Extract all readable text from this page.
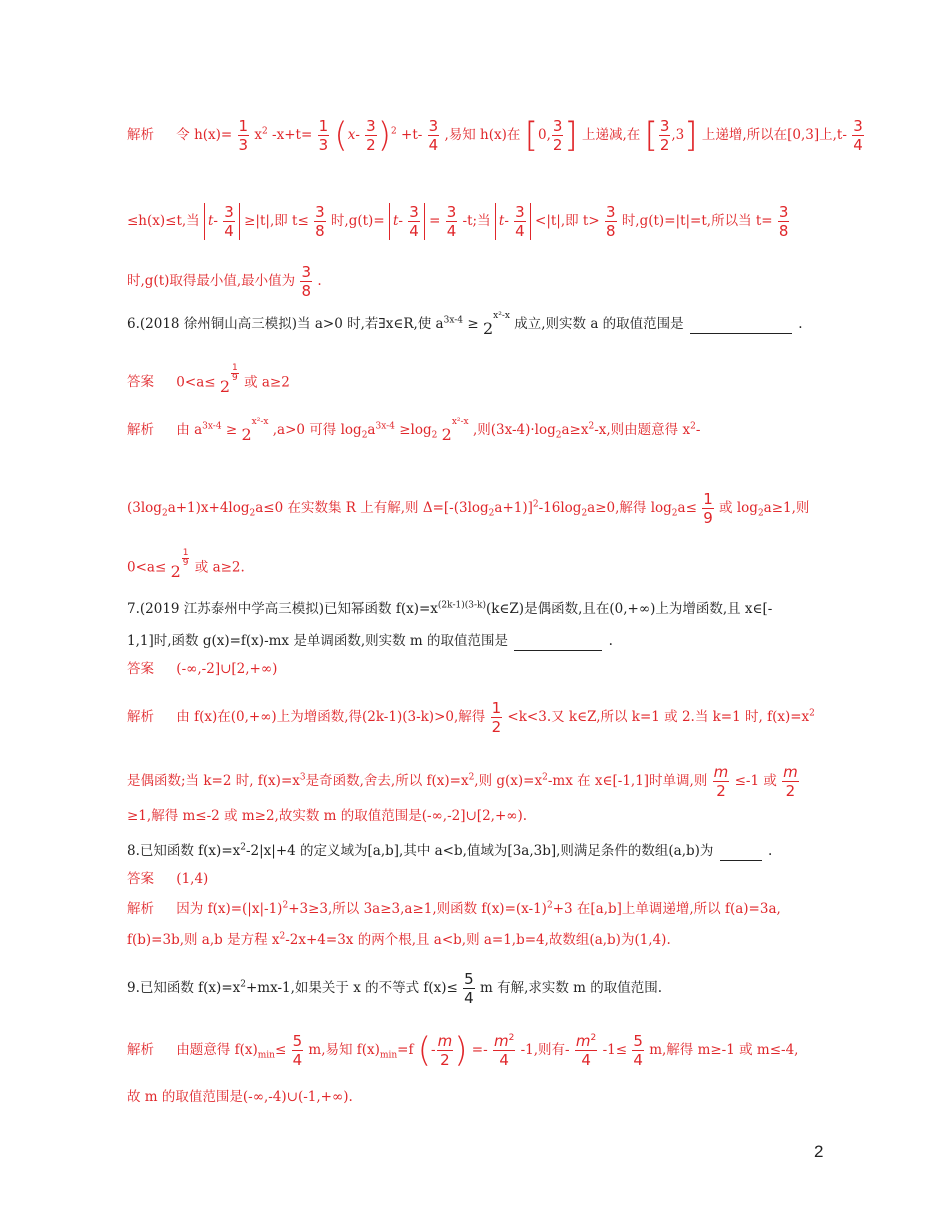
解析 令 $h(x)= \frac{1}{3} x^2$ $-x+t= \frac{1}{3} (x- \frac{3}{2} )^2 +t- \frac{3}{4}$ ,易知 h(x)在 [0, $\frac{3}{2}$ ] 上递减,在 [ $\frac{3}{2} ,3$] 上递增,所以在[0,3]上$,t- \frac{3}{4}$
≤h(x)≤t,当 $t- \frac{3}{4} \ge|t|$,即 $t\le \frac{3}{8}$ 时$,g(t)= t- \frac{3}{4} = \frac{3}{4} -t$;当 $t- \frac{3}{4} <|t|$,即 $t> \frac{3}{8}$ 时,g(t)=|t|=t,所以当 $t= \frac{3}{8}$
时,g(t)取得最小值,最小值为 $\frac{3}{8}$ .
6.(2018 徐州铜山高三模拟)当 a>0 时,若∃x∈R,使 $a^{3x-4} \ge 2^{x^2-x}$ 成立,则实数 a 的取值范围是	.
答案 0<a≤ 2
$^{\frac{1}{9}}$ 或 a≥2
解析 由 $a^{3x-4} \ge 2^{x^2-x}$ ,a>0 可得 $\log_2a^{3x-4} \ge\log_2$ $2^{x^2-x}$ ,则$(3x-4)\cdot\log_2a\ge x^2-x$,则由题意得 $x^2-$
$(3\log_2a+1)x+4\log_2a\le 0$ 在实数集 R 上有解,则 $\Delta=[-(3\log_2a+1)]^2-16\log_2a\ge 0$,解得 $\log_2a\le \frac{1}{9}$ 或 $\log_2a\ge 1$,则
0<a≤ 2
$^{\frac{1}{9}}$ 或 a≥2.
7.(2019 江苏泰州中学高三模拟)已知幂函数 $f(x)=x^{(2k-1)(3-k)}(k\in Z)$是偶函数,且在(0,+∞)上为增函数,且 x∈[-
1,1]时,函数 g(x)=f(x)-mx 是单调函数,则实数 m 的取值范围是	.
答案 (-∞,-2]∪[2,+∞)
解析 由 f(x)在(0,+∞)上为增函数,得(2k-1)(3-k)>0,解得 $\frac{1}{2} <k<3$.又 k∈Z,所以 k=1 或 2.当 k=1 时, $f(x)=x^2$
是偶函数;当 k=2 时, $f(x)=x^3$是奇函数,舍去,所以 $f(x)=x^2$,则 $g(x)=x^2-mx$ 在 x∈[-1,1]时单调,则 $\frac{m}{2} \le-1$ 或 $\frac{m}{2}$
≥1,解得 m≤-2 或 m≥2,故实数 m 的取值范围是(-∞,-2]∪[2,+∞).
8.已知函数 $f(x)=x^2-2|x|+4$ 的定义域为[a,b],其中 a<b,值域为[3a,3b],则满足条件的数组(a,b)为	.
答案 (1,4)
解析 因为 $f(x)=(|x|-1)^2+3\ge 3$,所以 3a≥3,a≥1,则函数 $f(x)=(x-1)^2+3$ 在[a,b]上单调递增,所以 f(a)=3a,
f(b)=3b,则 a,b 是方程 $x^2-2x+4=3x$ 的两个根,且 a<b,则 a=1,b=4,故数组(a,b)为(1,4).
9.已知函数 $f(x)=x^2+mx-1$,如果关于 x 的不等式 $f(x)\le \frac{5}{4}$ m 有解,求实数 m 的取值范围.
解析 由题意得 $f(x)_{min}\le \frac{5}{4} m$,易知 $f(x)_{min}=f$ (- $\frac{m}{2}$ ) =- $\frac{m^2}{4} -1$,则有- $\frac{m^2}{4} -1\le \frac{5}{4} m$,解得 m≥-1 或 m≤-4,
故 m 的取值范围是(-∞,-4)∪(-1,+∞).
2
